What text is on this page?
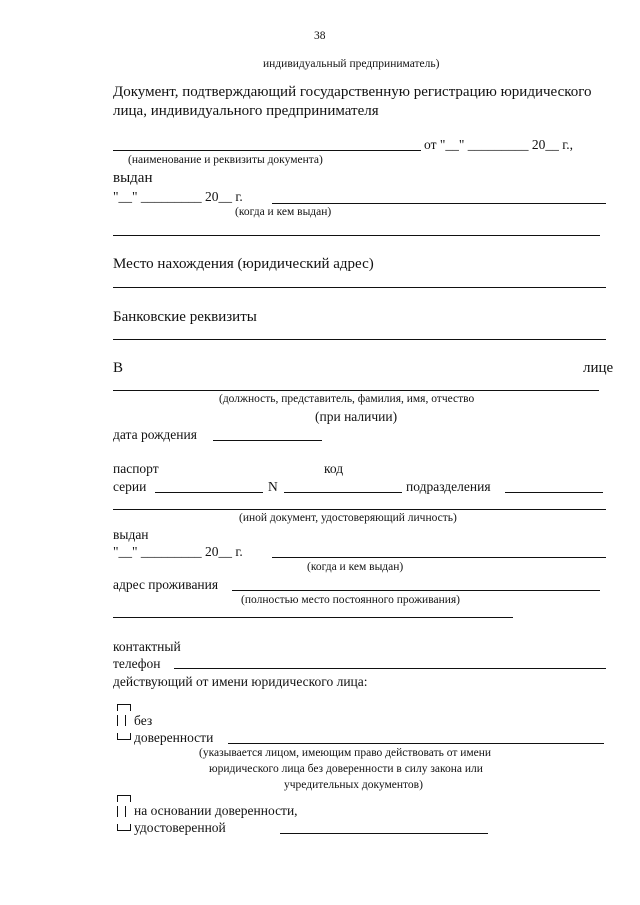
38
индивидуальный предприниматель)
Документ, подтверждающий государственную регистрацию юридического
лица, индивидуального предпринимателя
от "__" _________ 20__ г.,
(наименование и реквизиты документа)
выдан
"__" _________ 20__ г.
(когда и кем выдан)
Место нахождения (юридический адрес)
Банковские реквизиты
В	лице
(должность, представитель, фамилия, имя, отчество
(при наличии)
дата рождения
паспорт	код
серии	N	подразделения
(иной документ, удостоверяющий личность)
выдан
"__" _________ 20__ г.
(когда и кем выдан)
адрес проживания
(полностью место постоянного проживания)
контактный
телефон
действующий от имени юридического лица:
без
доверенности
(указывается лицом, имеющим право действовать от имени
юридического лица без доверенности в силу закона или
учредительных документов)
на основании доверенности,
удостоверенной
